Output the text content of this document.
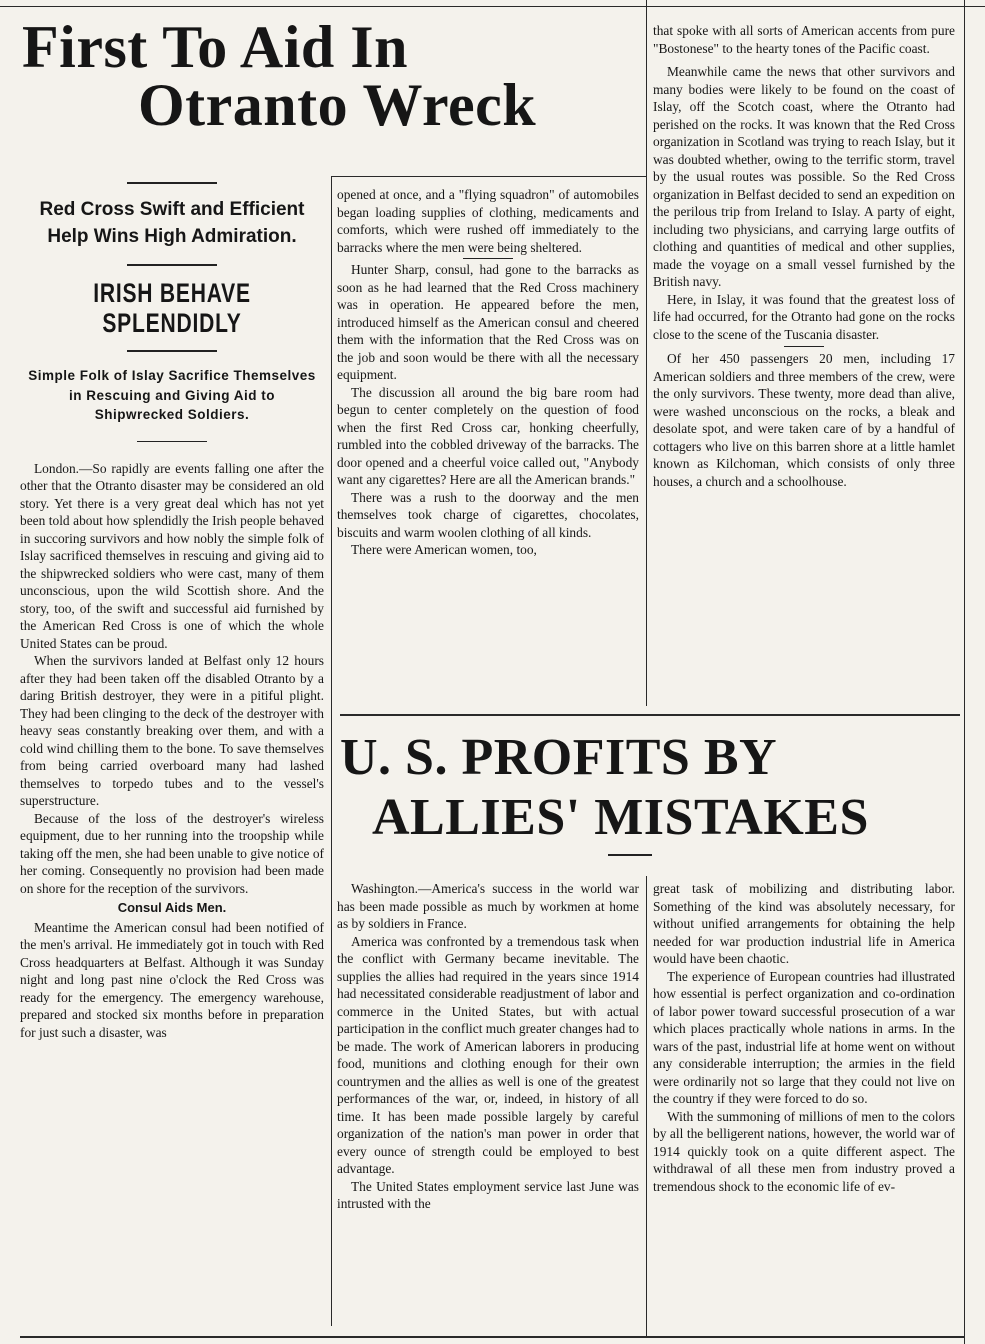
First To Aid In
Otranto Wreck
Red Cross Swift and Efficient Help Wins High Admiration.
IRISH BEHAVE SPLENDIDLY
Simple Folk of Islay Sacrifice Themselves in Rescuing and Giving Aid to Shipwrecked Soldiers.

London.—So rapidly are events falling one after the other that the Otranto disaster may be considered an old story. Yet there is a very great deal which has not yet been told about how splendidly the Irish people behaved in succoring survivors and how nobly the simple folk of Islay sacrificed themselves in rescuing and giving aid to the shipwrecked soldiers who were cast, many of them unconscious, upon the wild Scottish shore. And the story, too, of the swift and successful aid furnished by the American Red Cross is one of which the whole United States can be proud.

When the survivors landed at Belfast only 12 hours after they had been taken off the disabled Otranto by a daring British destroyer, they were in a pitiful plight. They had been clinging to the deck of the destroyer with heavy seas constantly breaking over them, and with a cold wind chilling them to the bone. To save themselves from being carried overboard many had lashed themselves to torpedo tubes and to the vessel's superstructure.

Because of the loss of the destroyer's wireless equipment, due to her running into the troopship while taking off the men, she had been unable to give notice of her coming. Consequently no provision had been made on shore for the reception of the survivors.

Consul Aids Men.

Meantime the American consul had been notified of the men's arrival. He immediately got in touch with Red Cross headquarters at Belfast. Although it was Sunday night and long past nine o'clock the Red Cross was ready for the emergency. The emergency warehouse, prepared and stocked six months before in preparation for just such a disaster, was

opened at once, and a "flying squadron" of automobiles began loading supplies of clothing, medicaments and comforts, which were rushed off immediately to the barracks where the men were being sheltered.

Hunter Sharp, consul, had gone to the barracks as soon as he had learned that the Red Cross machinery was in operation. He appeared before the men, introduced himself as the American consul and cheered them with the information that the Red Cross was on the job and soon would be there with all the necessary equipment.

The discussion all around the big bare room had begun to center completely on the question of food when the first Red Cross car, honking cheerfully, rumbled into the cobbled driveway of the barracks. The door opened and a cheerful voice called out, "Anybody want any cigarettes? Here are all the American brands."

There was a rush to the doorway and the men themselves took charge of cigarettes, chocolates, biscuits and warm woolen clothing of all kinds.

There were American women, too,

that spoke with all sorts of American accents from pure "Bostonese" to the hearty tones of the Pacific coast.

Meanwhile came the news that other survivors and many bodies were likely to be found on the coast of Islay, off the Scotch coast, where the Otranto had perished on the rocks. It was known that the Red Cross organization in Scotland was trying to reach Islay, but it was doubted whether, owing to the terrific storm, travel by the usual routes was possible. So the Red Cross organization in Belfast decided to send an expedition on the perilous trip from Ireland to Islay. A party of eight, including two physicians, and carrying large outfits of clothing and quantities of medical and other supplies, made the voyage on a small vessel furnished by the British navy.

Here, in Islay, it was found that the greatest loss of life had occurred, for the Otranto had gone on the rocks close to the scene of the Tuscania disaster.

Of her 450 passengers 20 men, including 17 American soldiers and three members of the crew, were the only survivors. These twenty, more dead than alive, were washed unconscious on the rocks, a bleak and desolate spot, and were taken care of by a handful of cottagers who live on this barren shore at a little hamlet known as Kilchoman, which consists of only three houses, a church and a schoolhouse.

U. S. PROFITS BY
ALLIES' MISTAKES

Washington.—America's success in the world war has been made possible as much by workmen at home as by soldiers in France.

America was confronted by a tremendous task when the conflict with Germany became inevitable. The supplies the allies had required in the years since 1914 had necessitated considerable readjustment of labor and commerce in the United States, but with actual participation in the conflict much greater changes had to be made. The work of American laborers in producing food, munitions and clothing enough for their own countrymen and the allies as well is one of the greatest performances of the war, or, indeed, in history of all time. It has been made possible largely by careful organization of the nation's man power in order that every ounce of strength could be employed to best advantage.

The United States employment service last June was intrusted with the

great task of mobilizing and distributing labor. Something of the kind was absolutely necessary, for without unified arrangements for obtaining the help needed for war production industrial life in America would have been chaotic.

The experience of European countries had illustrated how essential is perfect organization and co-ordination of labor power toward successful prosecution of a war which places practically whole nations in arms. In the wars of the past, industrial life at home went on without any considerable interruption; the armies in the field were ordinarily not so large that they could not live on the country if they were forced to do so.

With the summoning of millions of men to the colors by all the belligerent nations, however, the world war of 1914 quickly took on a quite different aspect. The withdrawal of all these men from industry proved a tremendous shock to the economic life of ev-
